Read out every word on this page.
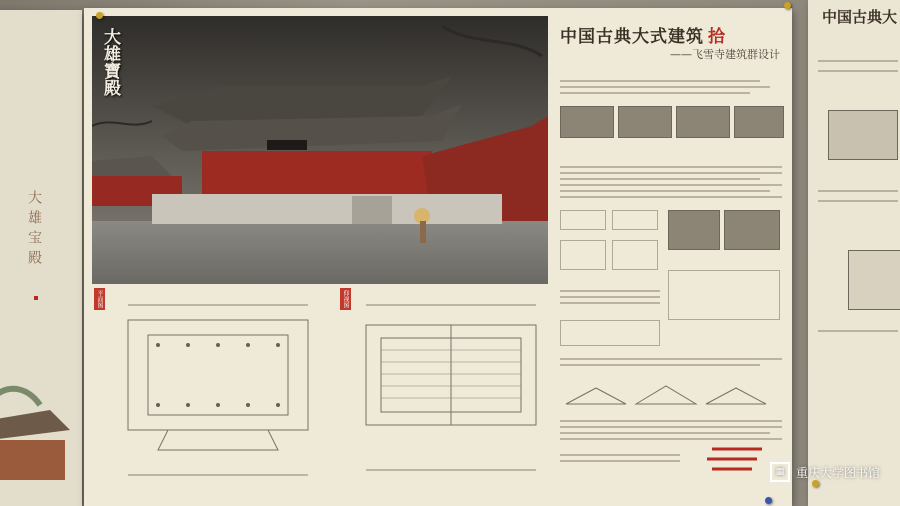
大雄宝殿
大雄寶殿
平面图	仰视图
中国古典大式建筑 拾
——飞雪寺建筑群设计
中国古典大
▦ 重庆大学图书馆
